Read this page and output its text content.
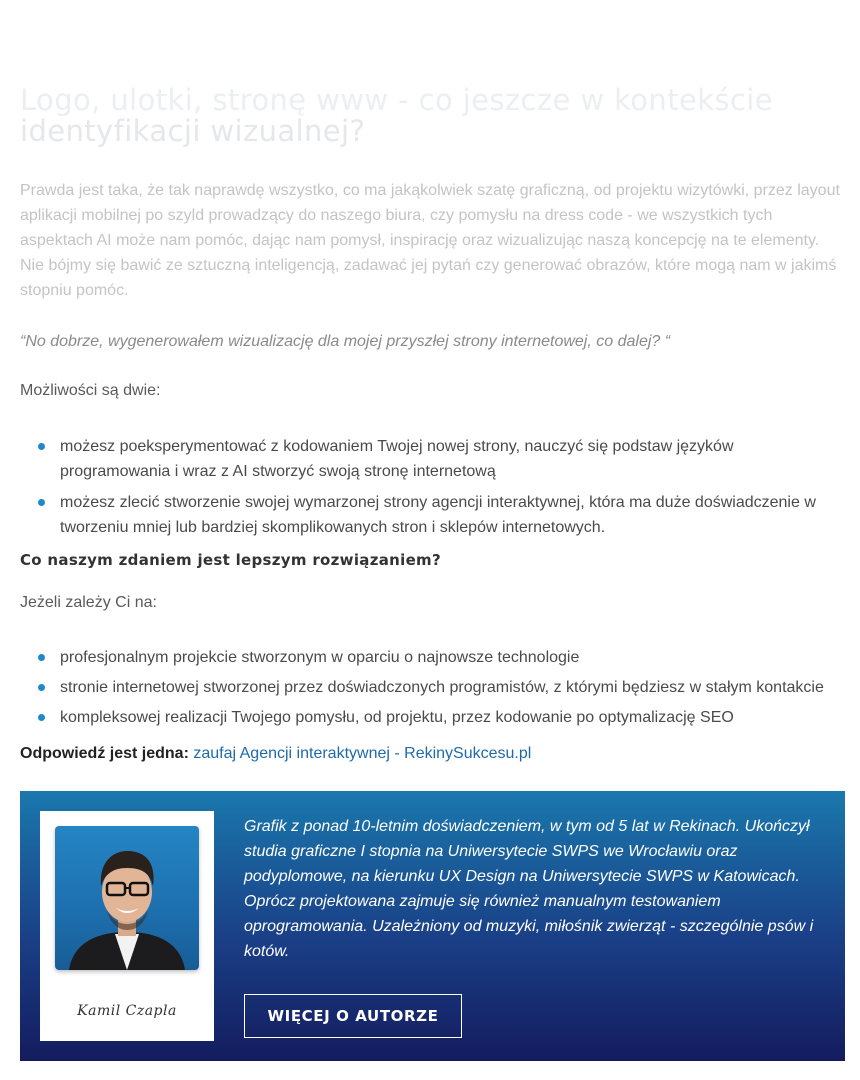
Logo, ulotki, stronę www - co jeszcze w kontekście
identyfikacji wizualnej?

Prawda jest taka, że tak naprawdę wszystko, co ma jakąkolwiek szatę graficzną, od projektu wizytówki, przez layout aplikacji mobilnej po szyld prowadzący do naszego biura, czy pomysłu na dress code - we wszystkich tych aspektach AI może nam pomóc, dając nam pomysł, inspirację oraz wizualizując naszą koncepcję na te elementy. Nie bójmy się bawić ze sztuczną inteligencją, zadawać jej pytań czy generować obrazów, które mogą nam w jakimś stopniu pomóc.

“No dobrze, wygenerowałem wizualizację dla mojej przyszłej strony internetowej, co dalej? “

Możliwości są dwie:

możesz poeksperymentować z kodowaniem Twojej nowej strony, nauczyć się podstaw języków programowania i wraz z AI stworzyć swoją stronę internetową
możesz zlecić stworzenie swojej wymarzonej strony agencji interaktywnej, która ma duże doświadczenie w tworzeniu mniej lub bardziej skomplikowanych stron i sklepów internetowych.

Co naszym zdaniem jest lepszym rozwiązaniem?

Jeżeli zależy Ci na:

profesjonalnym projekcie stworzonym w oparciu o najnowsze technologie
stronie internetowej stworzonej przez doświadczonych programistów, z którymi będziesz w stałym kontakcie
kompleksowej realizacji Twojego pomysłu, od projektu, przez kodowanie po optymalizację SEO

Odpowiedź jest jedna: zaufaj Agencji interaktywnej - RekinySukcesu.pl

Kamil Czapla

Grafik z ponad 10-letnim doświadczeniem, w tym od 5 lat w Rekinach. Ukończył studia graficzne I stopnia na Uniwersytecie SWPS we Wrocławiu oraz podyplomowe, na kierunku UX Design na Uniwersytecie SWPS w Katowicach. Oprócz projektowana zajmuje się również manualnym testowaniem oprogramowania. Uzależniony od muzyki, miłośnik zwierząt - szczególnie psów i kotów.

WIĘCEJ O AUTORZE
